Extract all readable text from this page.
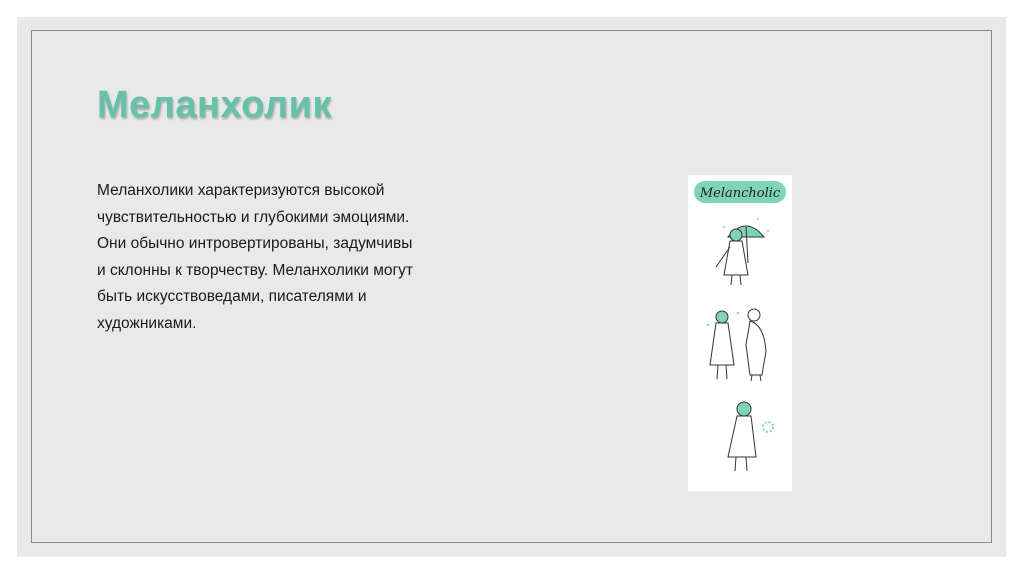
Меланхолик

Меланхолики характеризуются высокой
чувствительностью и глубокими эмоциями.
Они обычно интровертированы, задумчивы
и склонны к творчеству. Меланхолики могут
быть искусствоведами, писателями и
художниками.

Melancholic
